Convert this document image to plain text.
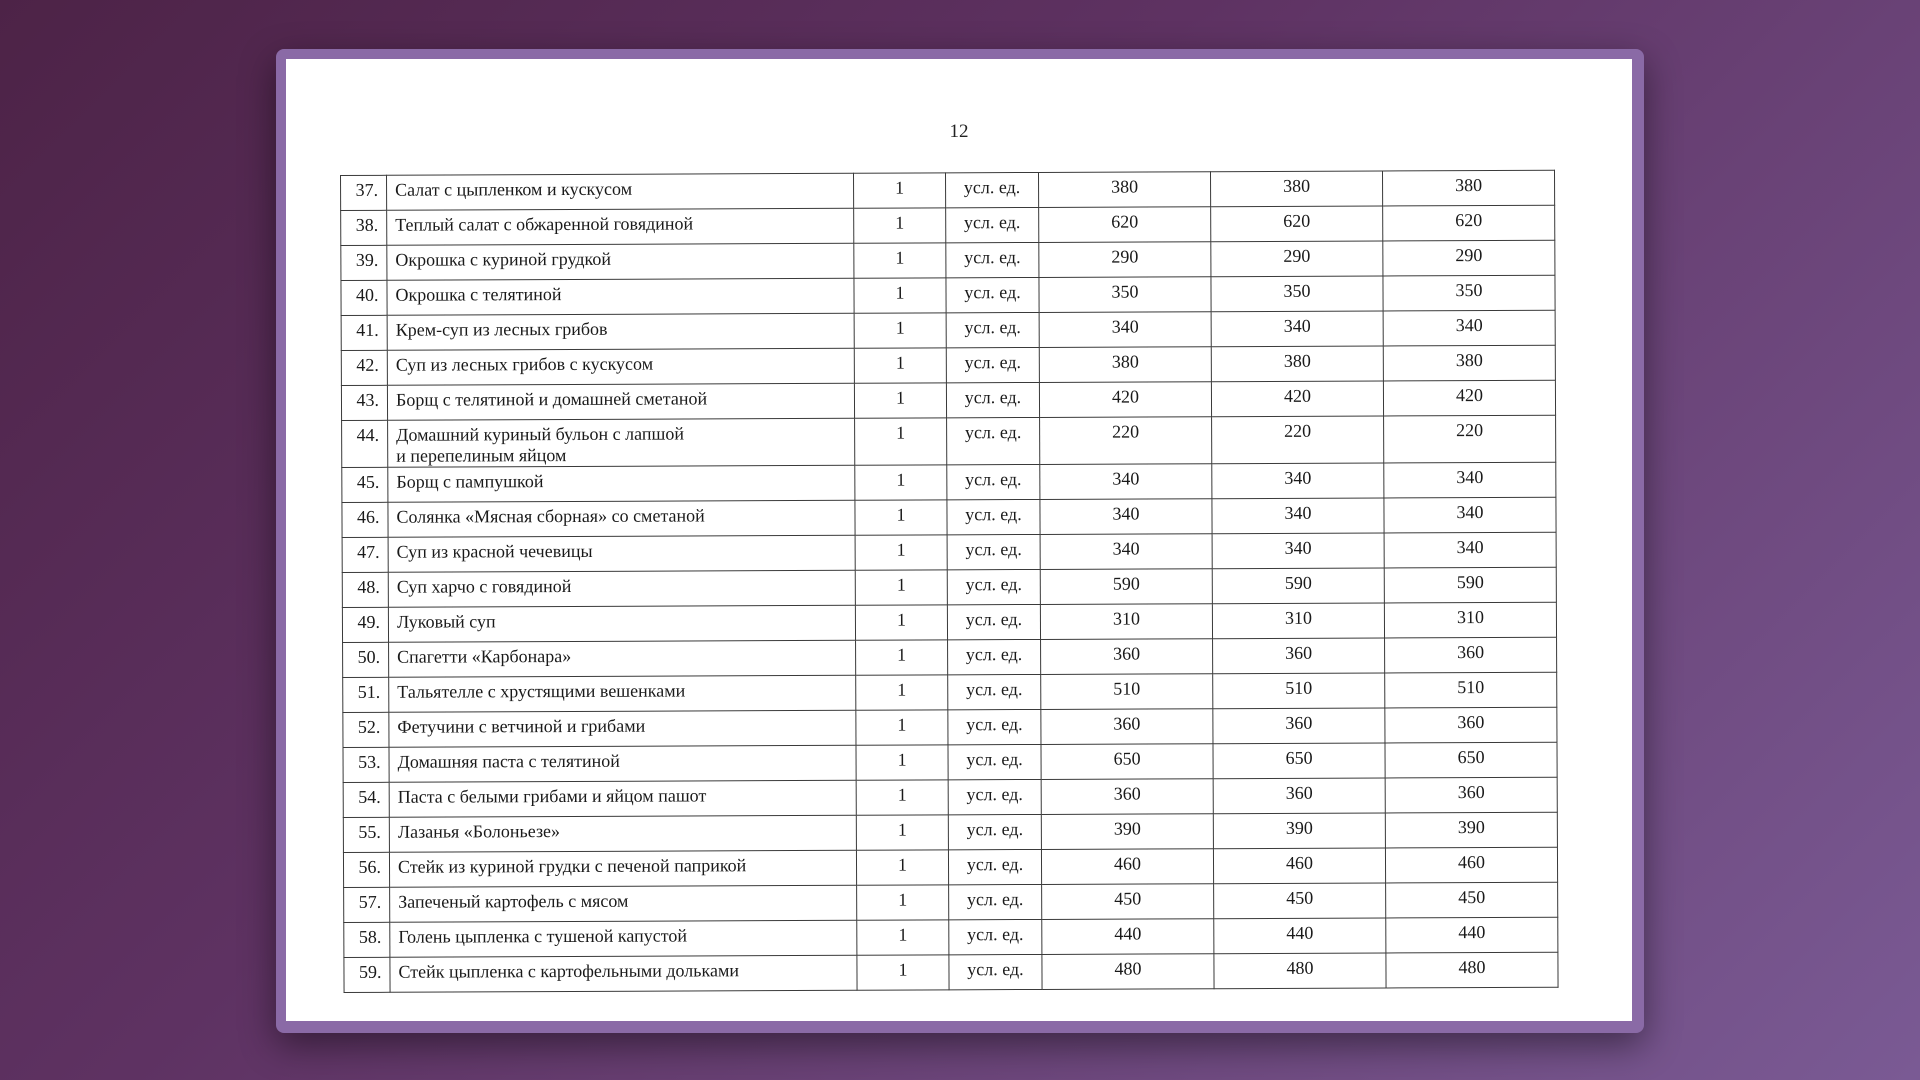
12
37.	Салат с цыпленком и кускусом	1	усл. ед.	380	380	380
38.	Теплый салат с обжаренной говядиной	1	усл. ед.	620	620	620
39.	Окрошка с куриной грудкой	1	усл. ед.	290	290	290
40.	Окрошка с телятиной	1	усл. ед.	350	350	350
41.	Крем-суп из лесных грибов	1	усл. ед.	340	340	340
42.	Суп из лесных грибов с кускусом	1	усл. ед.	380	380	380
43.	Борщ с телятиной и домашней сметаной	1	усл. ед.	420	420	420
44.	Домашний куриный бульон с лапшой
и перепелиным яйцом	1	усл. ед.	220	220	220
45.	Борщ с пампушкой	1	усл. ед.	340	340	340
46.	Солянка «Мясная сборная» со сметаной	1	усл. ед.	340	340	340
47.	Суп из красной чечевицы	1	усл. ед.	340	340	340
48.	Суп харчо с говядиной	1	усл. ед.	590	590	590
49.	Луковый суп	1	усл. ед.	310	310	310
50.	Спагетти «Карбонара»	1	усл. ед.	360	360	360
51.	Тальятелле с хрустящими вешенками	1	усл. ед.	510	510	510
52.	Фетучини с ветчиной и грибами	1	усл. ед.	360	360	360
53.	Домашняя паста с телятиной	1	усл. ед.	650	650	650
54.	Паста с белыми грибами и яйцом пашот	1	усл. ед.	360	360	360
55.	Лазанья «Болоньезе»	1	усл. ед.	390	390	390
56.	Стейк из куриной грудки с печеной паприкой	1	усл. ед.	460	460	460
57.	Запеченый картофель с мясом	1	усл. ед.	450	450	450
58.	Голень цыпленка с тушеной капустой	1	усл. ед.	440	440	440
59.	Стейк цыпленка с картофельными дольками	1	усл. ед.	480	480	480
